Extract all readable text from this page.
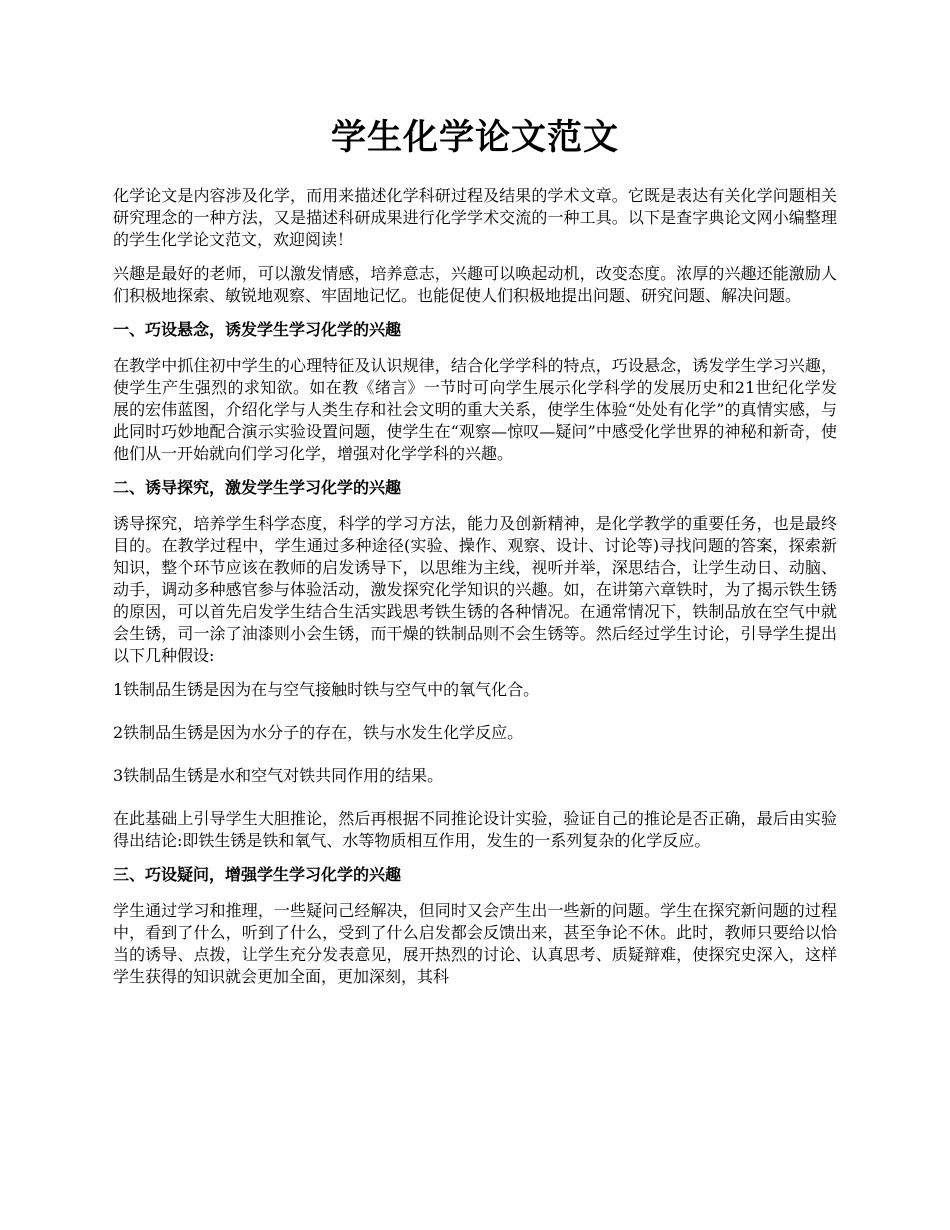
学生化学论文范文

化学论文是内容涉及化学，而用来描述化学科研过程及结果的学术文章。它既是表达有关化学问题相关研究理念的一种方法，又是描述科研成果进行化学学术交流的一种工具。以下是查字典论文网小编整理的学生化学论文范文，欢迎阅读！

兴趣是最好的老师，可以激发情感，培养意志，兴趣可以唤起动机，改变态度。浓厚的兴趣还能激励人们积极地探索、敏锐地观察、牢固地记忆。也能促使人们积极地提出问题、研究问题、解决问题。

一、巧设悬念，诱发学生学习化学的兴趣

在教学中抓住初中学生的心理特征及认识规律，结合化学学科的特点，巧设悬念，诱发学生学习兴趣，使学生产生强烈的求知欲。如在教《绪言》一节时可向学生展示化学科学的发展历史和21世纪化学发展的宏伟蓝图，介绍化学与人类生存和社会文明的重大关系，使学生体验“处处有化学”的真情实感，与此同时巧妙地配合演示实验设置问题，使学生在“观察—惊叹—疑问”中感受化学世界的神秘和新奇，使他们从一开始就向们学习化学，增强对化学学科的兴趣。

二、诱导探究，激发学生学习化学的兴趣

诱导探究，培养学生科学态度，科学的学习方法，能力及创新精神，是化学教学的重要任务，也是最终目的。在教学过程中，学生通过多种途径(实验、操作、观察、设计、讨论等)寻找问题的答案，探索新知识，整个环节应该在教师的启发诱导下，以思维为主线，视听并举，深思结合，让学生动日、动脑、动手，调动多种感官参与体验活动，激发探究化学知识的兴趣。如，在讲第六章铁时，为了揭示铁生锈的原因，可以首先启发学生结合生活实践思考铁生锈的各种情况。在通常情况下，铁制品放在空气中就会生锈，司一涂了油漆则小会生锈，而干燥的铁制品则不会生锈等。然后经过学生讨论，引导学生提出以下几种假设:

1铁制品生锈是因为在与空气接触时铁与空气中的氧气化合。

2铁制品生锈是因为水分子的存在，铁与水发生化学反应。

3铁制品生锈是水和空气对铁共同作用的结果。

在此基础上引导学生大胆推论，然后再根据不同推论设计实验，验证自己的推论是否正确，最后由实验得出结论:即铁生锈是铁和氧气、水等物质相互作用，发生的一系列复杂的化学反应。

三、巧设疑问，增强学生学习化学的兴趣

学生通过学习和推理，一些疑问己经解决，但同时又会产生出一些新的问题。学生在探究新问题的过程中，看到了什么，听到了什么，受到了什么启发都会反馈出来，甚至争论不休。此时，教师只要给以恰当的诱导、点拨，让学生充分发表意见，展开热烈的讨论、认真思考、质疑辩难，使探究史深入，这样学生获得的知识就会更加全面，更加深刻，其科
